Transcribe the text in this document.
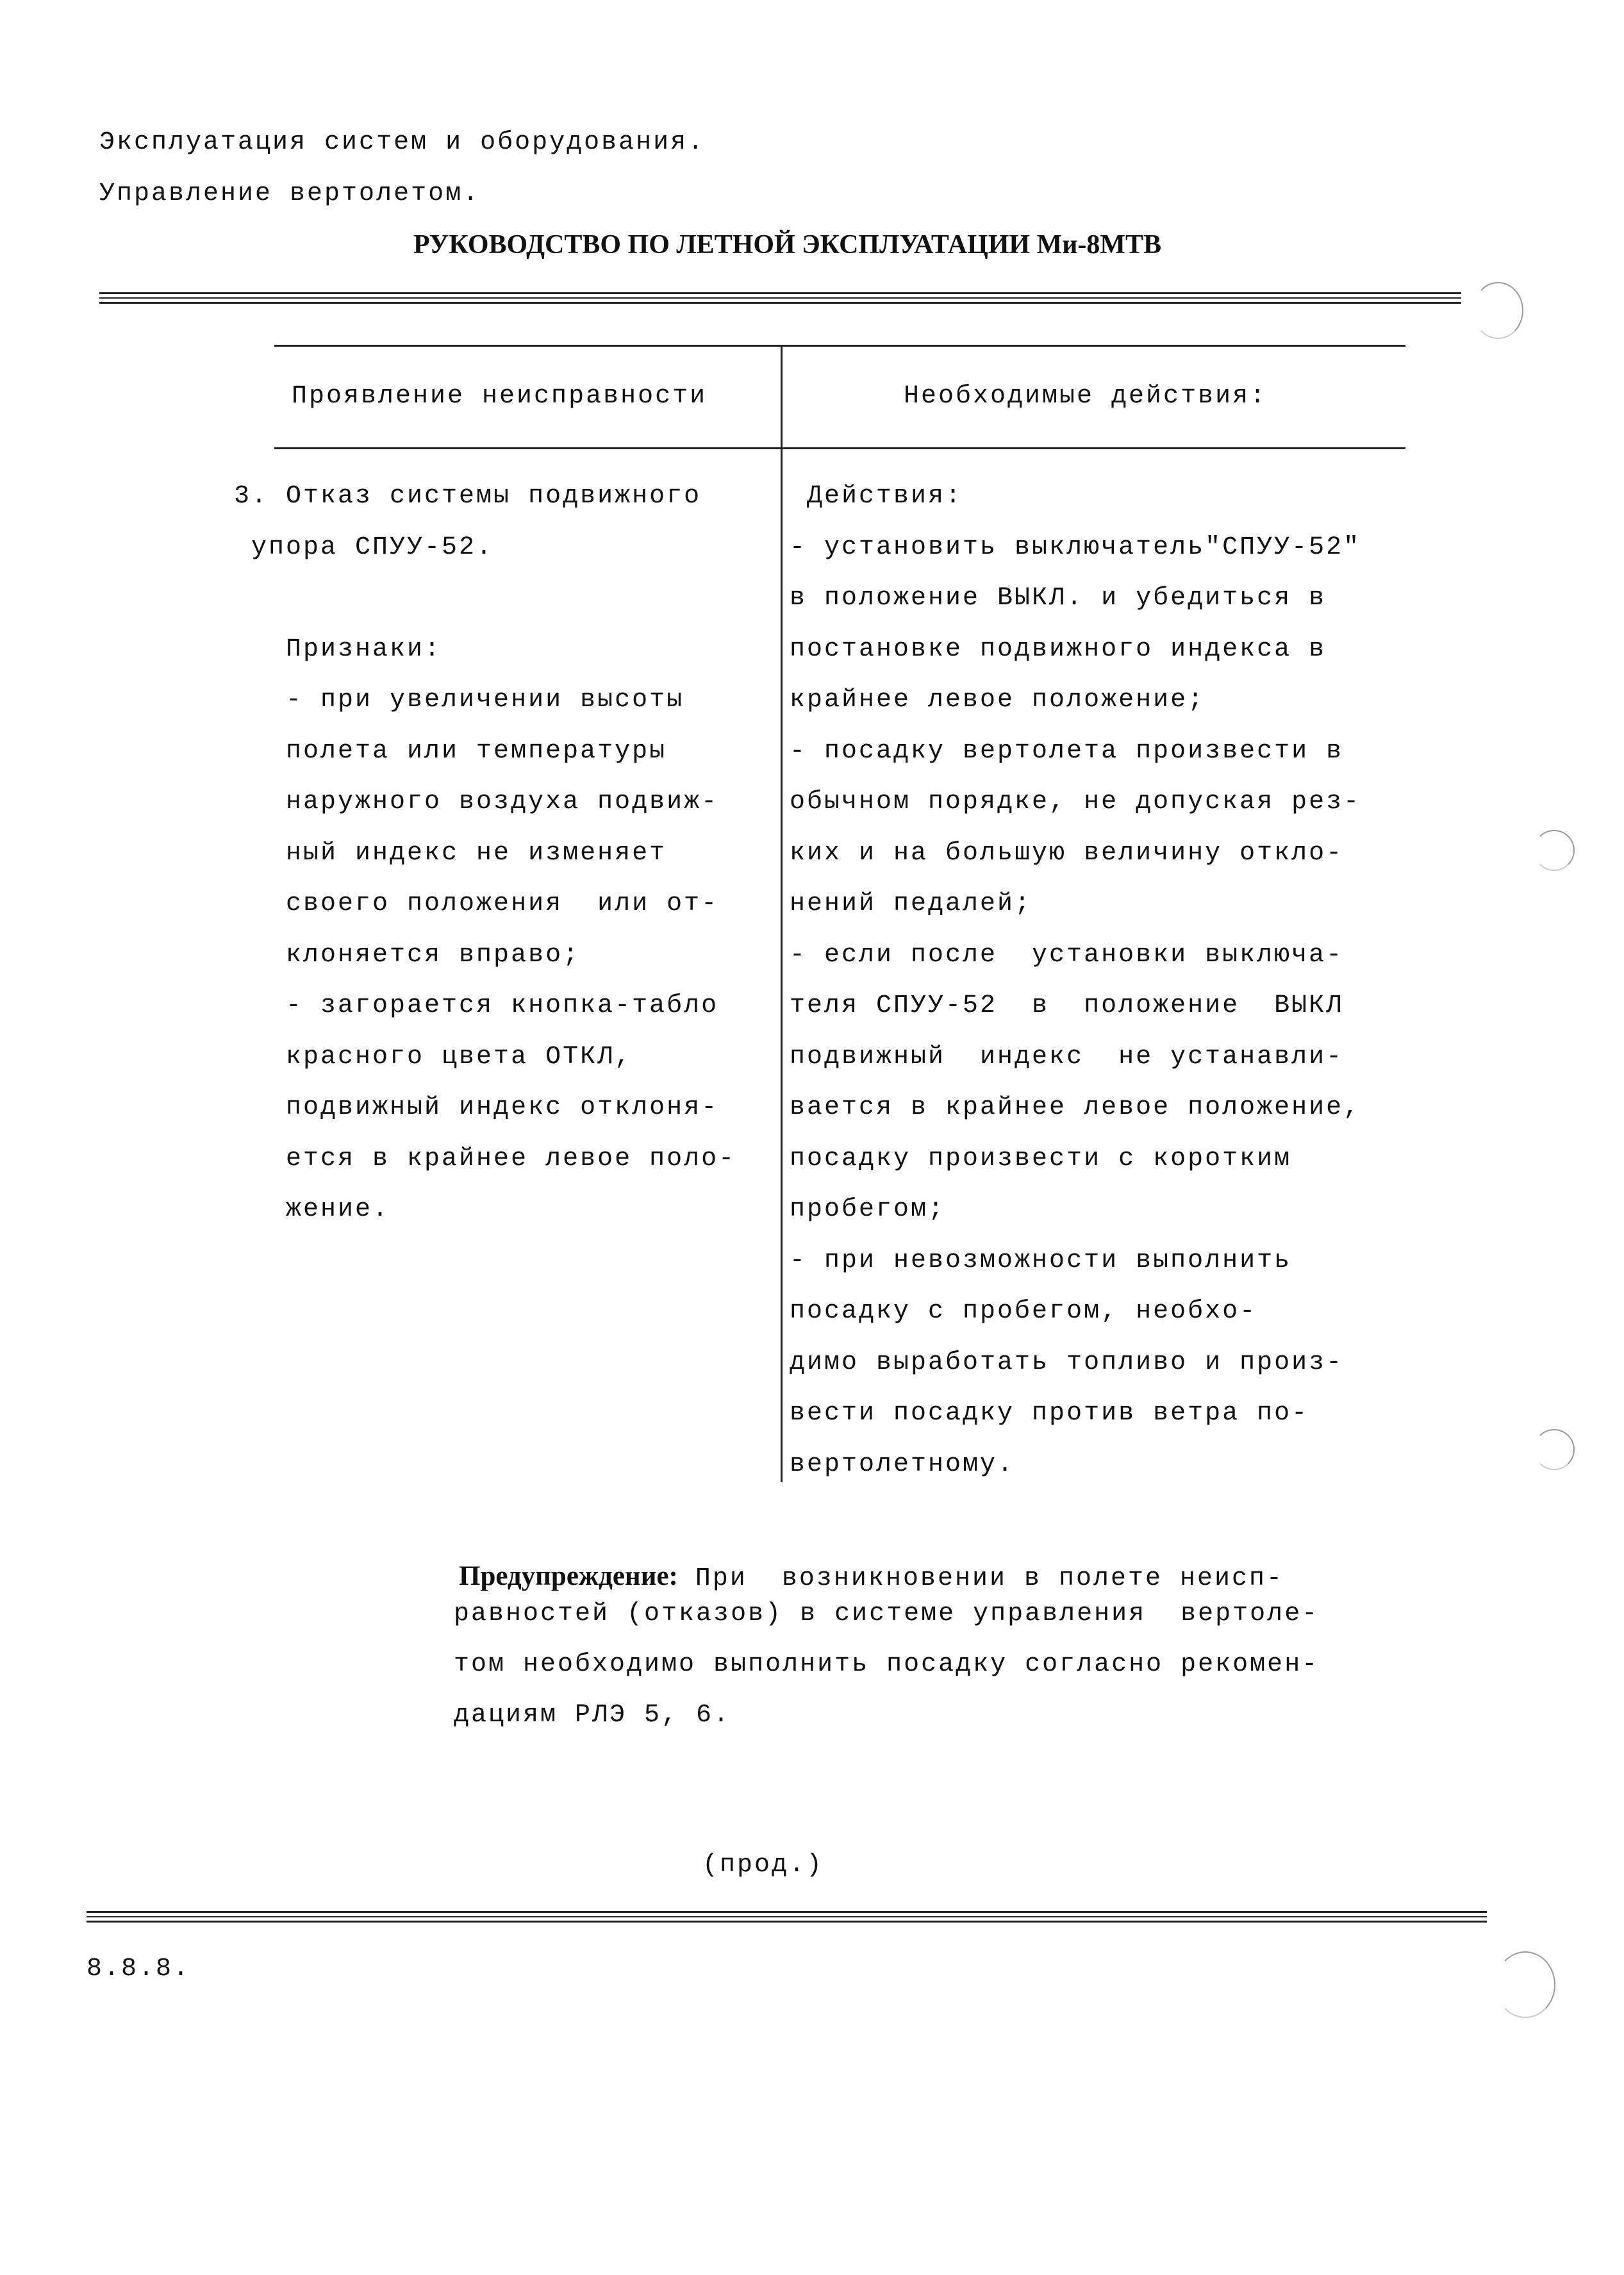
Эксплуатация систем и оборудования.
Управление вертолетом.
РУКОВОДСТВО ПО ЛЕТНОЙ ЭКСПЛУАТАЦИИ Ми-8МТВ
Проявление неисправности	Необходимые действия:
3. Отказ системы подвижного
упора СПУУ-52.
Признаки:
- при увеличении высоты
полета или температуры
наружного воздуха подвиж-
ный индекс не изменяет
своего положения  или от-
клоняется вправо;
- загорается кнопка-табло
красного цвета ОТКЛ,
подвижный индекс отклоня-
ется в крайнее левое поло-
жение.
Действия:
- установить выключатель"СПУУ-52"
в положение ВЫКЛ. и убедиться в
постановке подвижного индекса в
крайнее левое положение;
- посадку вертолета произвести в
обычном порядке, не допуская рез-
ких и на большую величину откло-
нений педалей;
- если после  установки выключа-
теля СПУУ-52  в  положение  ВЫКЛ
подвижный  индекс  не устанавли-
вается в крайнее левое положение,
посадку произвести с коротким
пробегом;
- при невозможности выполнить
посадку с пробегом, необхо-
димо выработать топливо и произ-
вести посадку против ветра по-
вертолетному.

Предупреждение: При  возникновении в полете неисп-

равностей (отказов) в системе управления  вертоле-
том необходимо выполнить посадку согласно рекомен-
дациям РЛЭ 5, 6.
(прод.)
8.8.8.
